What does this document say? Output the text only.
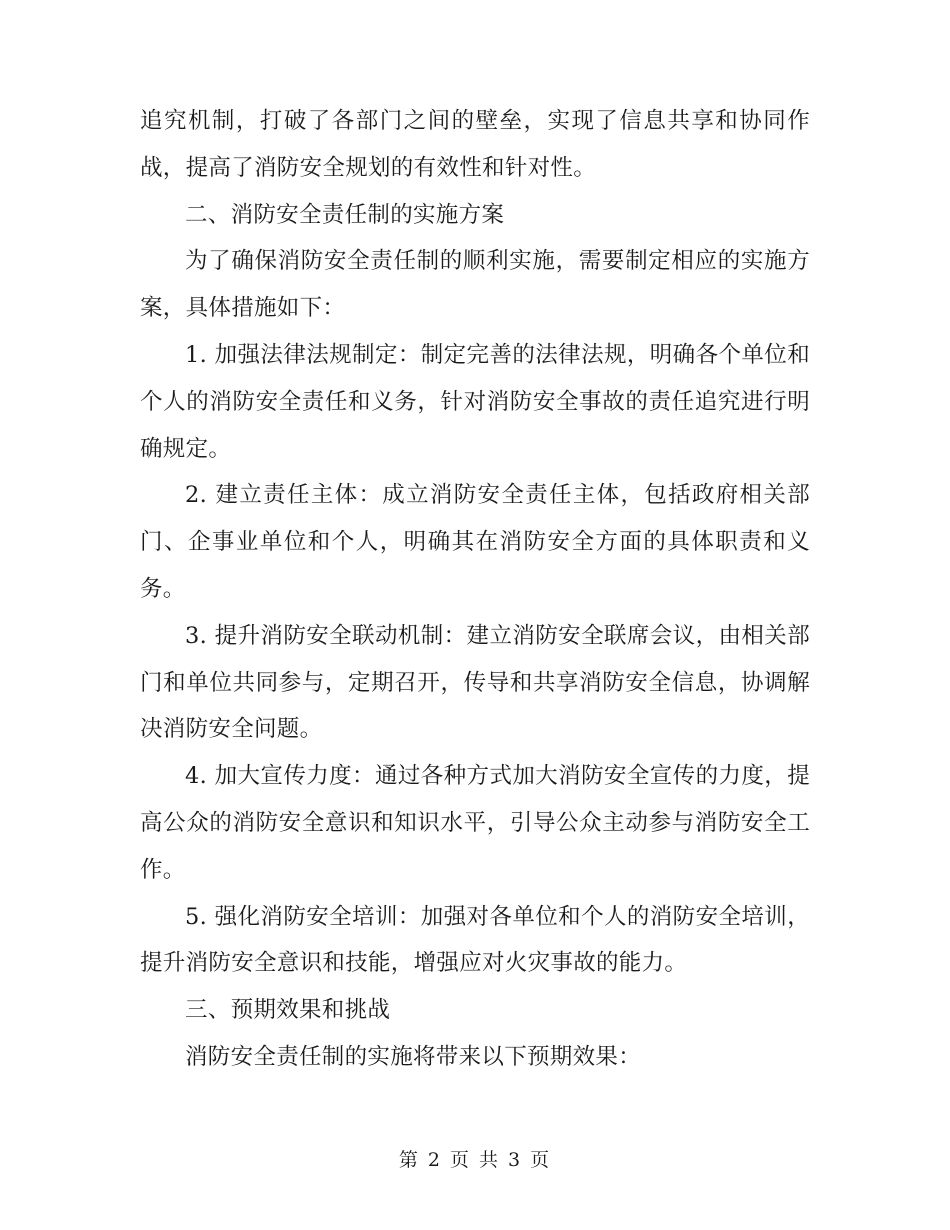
追究机制，打破了各部门之间的壁垒，实现了信息共享和协同作战，提高了消防安全规划的有效性和针对性。

二、消防安全责任制的实施方案

为了确保消防安全责任制的顺利实施，需要制定相应的实施方案，具体措施如下：

1. 加强法律法规制定：制定完善的法律法规，明确各个单位和个人的消防安全责任和义务，针对消防安全事故的责任追究进行明确规定。

2. 建立责任主体：成立消防安全责任主体，包括政府相关部门、企事业单位和个人，明确其在消防安全方面的具体职责和义务。

3. 提升消防安全联动机制：建立消防安全联席会议，由相关部门和单位共同参与，定期召开，传导和共享消防安全信息，协调解决消防安全问题。

4. 加大宣传力度：通过各种方式加大消防安全宣传的力度，提高公众的消防安全意识和知识水平，引导公众主动参与消防安全工作。

5. 强化消防安全培训：加强对各单位和个人的消防安全培训，提升消防安全意识和技能，增强应对火灾事故的能力。

三、预期效果和挑战

消防安全责任制的实施将带来以下预期效果：

第 2 页 共 3 页
